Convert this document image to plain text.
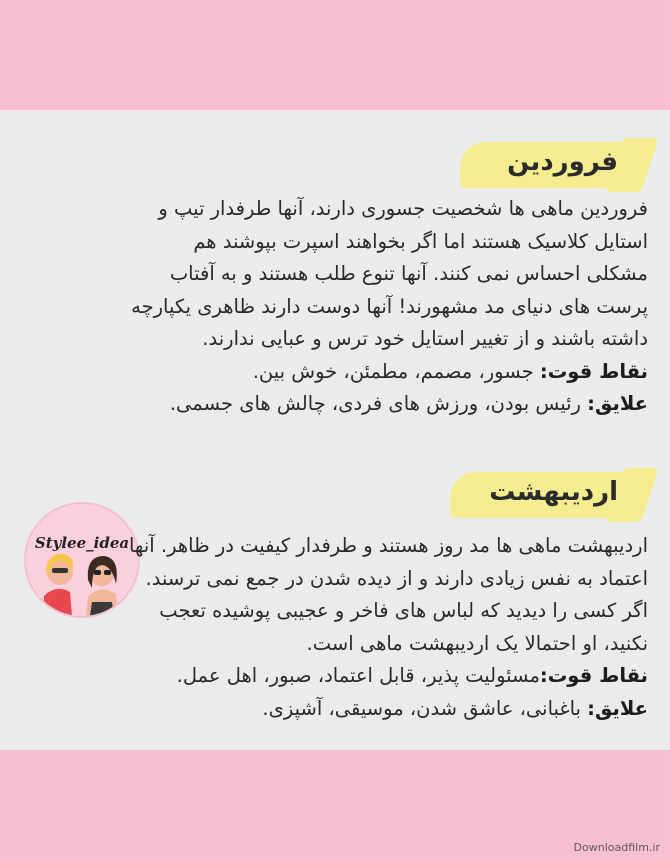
فروردین
فروردین ماهی ها شخصیت جسوری دارند، آنها طرفدار تیپ و
استایل کلاسیک هستند اما اگر بخواهند اسپرت بپوشند هم
مشکلی احساس نمی کنند. آنها تنوع طلب هستند و به آفتاب
پرست های دنیای مد مشهورند! آنها دوست دارند ظاهری یکپارچه
داشته باشند و از تغییر استایل خود ترس و عبایی ندارند.
نقاط قوت: جسور، مصمم، مطمئن، خوش بین.
علایق: رئیس بودن، ورزش های فردی، چالش های جسمی.
Stylee_idea
اردیبهشت
اردیبهشت ماهی ها مد روز هستند و طرفدار کیفیت در ظاهر. آنها
اعتماد به نفس زیادی دارند و از دیده شدن در جمع نمی ترسند.
اگر کسی را دیدید که لباس های فاخر و عجیبی پوشیده تعجب
نکنید، او احتمالا یک اردیبهشت ماهی است.
نقاط قوت:مسئولیت پذیر، قابل اعتماد، صبور، اهل عمل.
علایق: باغبانی، عاشق شدن، موسیقی، آشپزی.
Downloadfilm.ir
